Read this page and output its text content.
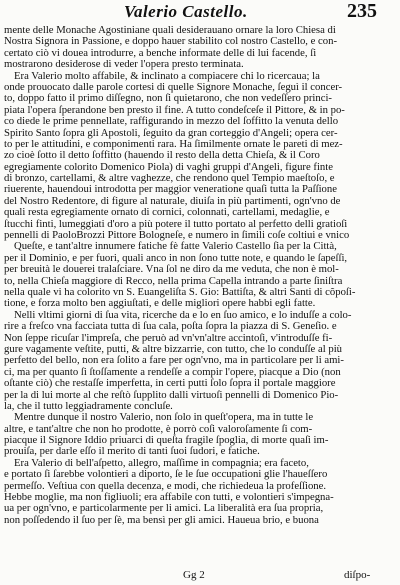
Valerio Castello.	235
mente delle Monache Agostiniane quali desiderauano ornare la loro Chiesa di
Nostra Signora in Passione, e doppo hauer stabilito col nostro Castello, e con-
certato ciò vi douea introdurre, a benche informate delle di lui facende, ſi
mostrarono desiderose di veder l'opera presto terminata.
Era Valerio molto affabile, & inclinato a compiacere chi lo ricercaua; la
onde prouocato dalle parole cortesi di quelle Signore Monache, ſeguì il concer-
to, doppo fatto il primo diſſegno, non ſi quietarono, che non vedeſſero princi-
piata l'opera ſperandone ben presto il fine. A tutto condeſceſe il Pittore, & in po-
co diede le prime pennellate, raffigurando in mezzo del ſoffitto la venuta dello
Spirito Santo ſopra gli Apostoli, ſeguito da gran corteggio d'Angeli; opera cer-
to per le attitudini, e componimenti rara. Ha ſimilmente ornate le pareti di mez-
zo cioè ſotto il detto ſoffitto (hauendo il resto della detta Chieſa, & il Coro
egregiamente colorito Domenico Piola) di vaghi gruppi d'Angeli, figure finte
di bronzo, cartellami, & altre vaghezze, che rendono quel Tempio maeſtoſo, e
riuerente, hauendoui introdotta per maggior veneratione quaſi tutta la Paſſione
del Nostro Redentore, di figure al naturale, diuiſa in più partimenti, ogn'vno de
quali resta egregiamente ornato di cornici, colonnati, cartellami, medaglie, e
ſtucchi finti, lumeggiati d'oro a più potere il tutto portato al perfetto delli gratioſi
pennelli di PaoloBrozzi Pittore Bologneſe, e numero in ſimili coſe coltiui e vnico
Queſte, e tant'altre innumere fatiche fè fatte Valerio Castello ſia per la Città,
per il Dominio, e per fuori, quali anco in non ſono tutte note, e quando le ſapeſſi,
per breuità le douerei tralaſciare. Vna ſol ne diro da me veduta, che non è mol-
to, nella Chieſa maggiore di Recco, nella prima Capella intrando a parte ſiniſtra
nella quale vi ha colorito vn S. Euangeliſta S. Gio: Battiſta, & altri Santi di cõpoſi-
tione, e forza molto ben aggiuſtati, e delle migliori opere habbi egli fatte.
Nelli vltimi giorni di ſua vita, ricerche da e lo en ſuo amico, e lo induſſe a colo-
rire a freſco vna facciata tutta di ſua cala, poſta ſopra la piazza di S. Geneſio. e
Non ſeppe ricuſar l'impreſa, che peruò ad vn'vn'altre accintoſi, v'introduſſe fi-
gure vagamente veſtite, putti, & altre bizzarrie, con tutto, che lo conduſſe al più
perfetto del bello, non era ſolito a fare per ogn'vno, ma in particolare per li ami-
ci, ma per quanto ſi ſtoſſamente a rendeſſe a compir l'opere, piacque a Dio (non
oſtante ciò) che restaſſe imperfetta, in certi putti ſolo ſopra il portale maggiore
per la di lui morte al che reſtò ſupplito dalli virtuoſi pennelli di Domenico Pio-
la, che il tutto leggiadramente concluſe.
Mentre dunque il nostro Valerio, non ſolo in queſt'opera, ma in tutte le
altre, e tant'altre che non ho prodotte, è porrò coſi valoroſamente ſi com-
piacque il Signore Iddio priuarci di queſta fragile ſpoglia, di morte quaſi im-
prouiſa, per darle eſſo il merito di tanti ſuoi ſudori, e fatiche.
Era Valerio di bell'aſpetto, allegro, maſſime in compagnia; era faceto,
e portato ſi ſarebbe volontieri a diporto, ſe le ſue occupationi glie l'haueſſero
permeſſo. Veſtiua con quella decenza, e modi, che richiedeua la profeſſione.
Hebbe moglie, ma non figliuoli; era affabile con tutti, e volontieri s'impegna-
ua per ogn'vno, e particolarmente per li amici. La liberalità era ſua propria,
non poſſedendo il ſuo per ſè, ma bensì per gli amici. Haueua brio, e buona
Gg 2	diſpo-
